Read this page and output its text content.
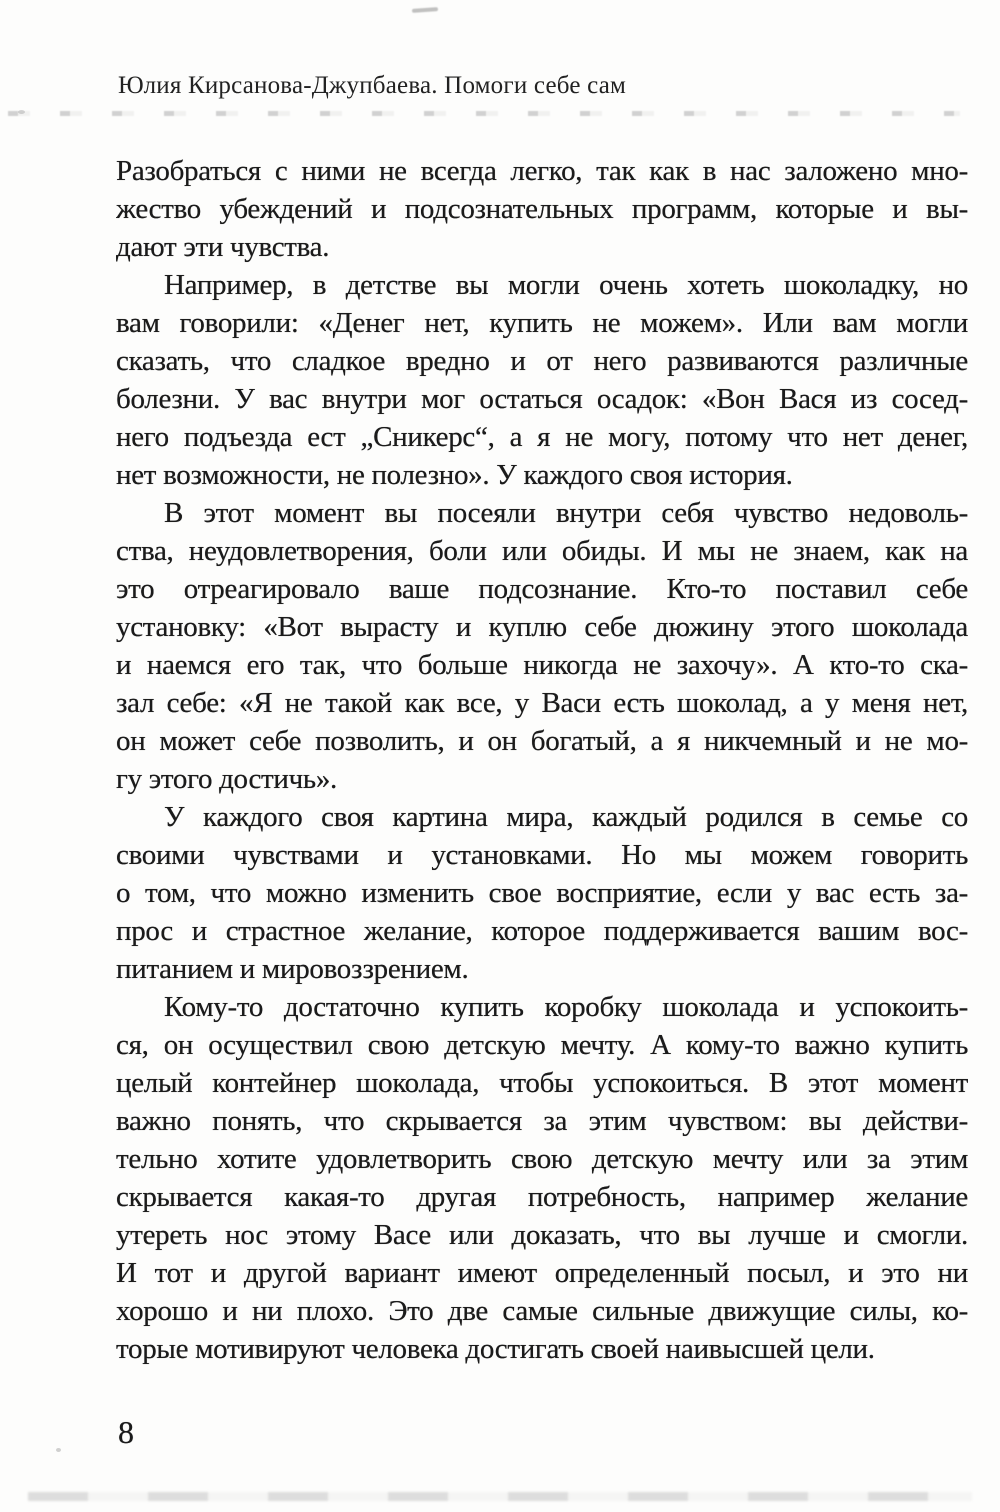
Юлия Кирсанова-Джупбаева. Помоги себе сам
Разобраться с ними не всегда легко, так как в нас заложено мно-
жество убеждений и подсознательных программ, которые и вы-
дают эти чувства.
Например, в детстве вы могли очень хотеть шоколадку, но
вам говорили: «Денег нет, купить не можем». Или вам могли
сказать, что сладкое вредно и от него развиваются различные
болезни. У вас внутри мог остаться осадок: «Вон Вася из сосед-
него подъезда ест „Сникерс“, а я не могу, потому что нет денег,
нет возможности, не полезно». У каждого своя история.
В этот момент вы посеяли внутри себя чувство недоволь-
ства, неудовлетворения, боли или обиды. И мы не знаем, как на
это отреагировало ваше подсознание. Кто-то поставил себе
установку: «Вот вырасту и куплю себе дюжину этого шоколада
и наемся его так, что больше никогда не захочу». А кто-то ска-
зал себе: «Я не такой как все, у Васи есть шоколад, а у меня нет,
он может себе позволить, и он богатый, а я никчемный и не мо-
гу этого достичь».
У каждого своя картина мира, каждый родился в семье со
своими чувствами и установками. Но мы можем говорить
о том, что можно изменить свое восприятие, если у вас есть за-
прос и страстное желание, которое поддерживается вашим вос-
питанием и мировоззрением.
Кому-то достаточно купить коробку шоколада и успокоить-
ся, он осуществил свою детскую мечту. А кому-то важно купить
целый контейнер шоколада, чтобы успокоиться. В этот момент
важно понять, что скрывается за этим чувством: вы действи-
тельно хотите удовлетворить свою детскую мечту или за этим
скрывается какая-то другая потребность, например желание
утереть нос этому Васе или доказать, что вы лучше и смогли.
И тот и другой вариант имеют определенный посыл, и это ни
хорошо и ни плохо. Это две самые сильные движущие силы, ко-
торые мотивируют человека достигать своей наивысшей цели.
8
